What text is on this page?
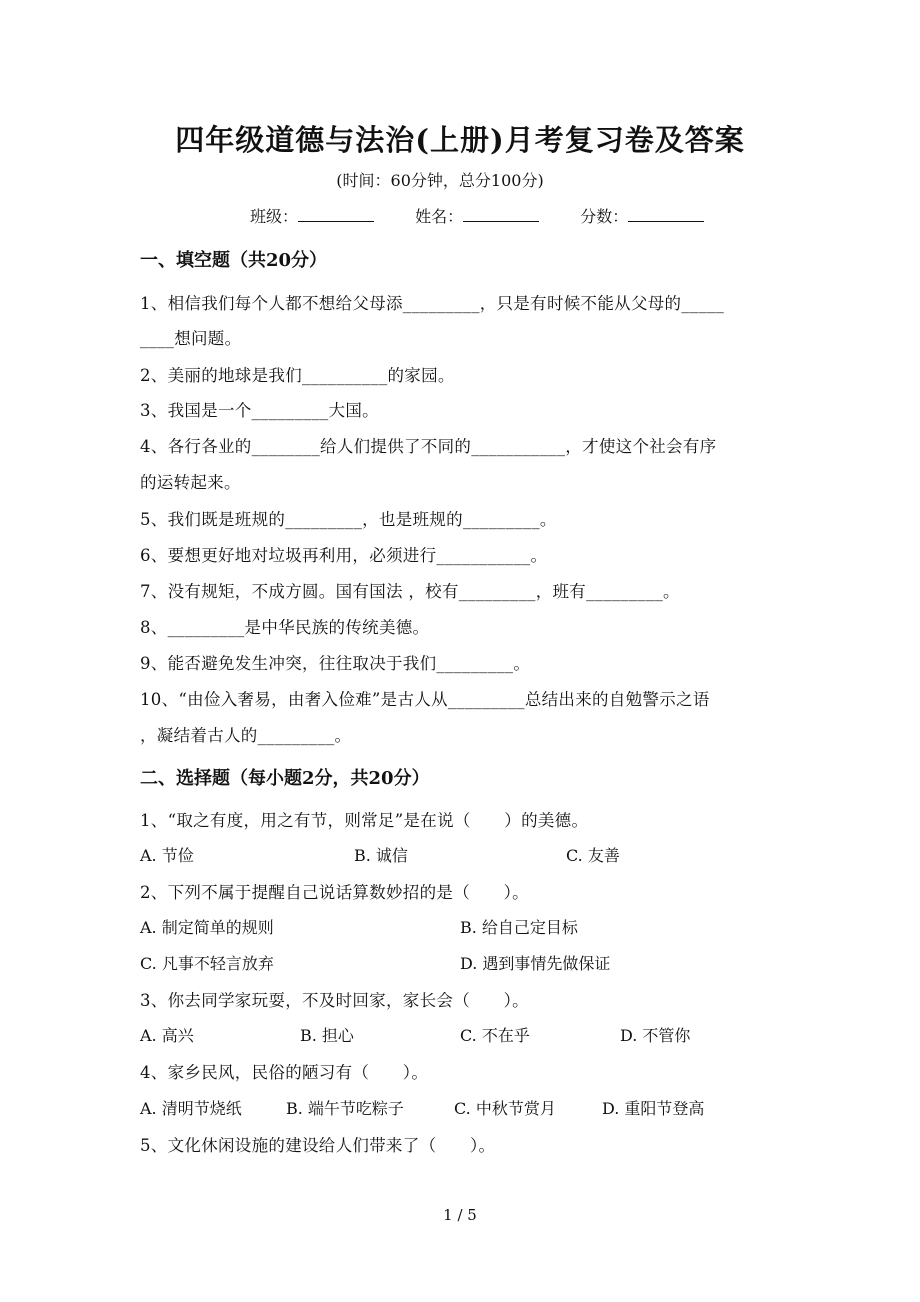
四年级道德与法治(上册)月考复习卷及答案
(时间：60分钟，总分100分)
班级：	姓名：	分数：
一、填空题（共20分）
1、相信我们每个人都不想给父母添_________，只是有时候不能从父母的_____
____想问题。
2、美丽的地球是我们__________的家园。
3、我国是一个_________大国。
4、各行各业的________给人们提供了不同的___________，才使这个社会有序
的运转起来。
5、我们既是班规的_________，也是班规的_________。
6、要想更好地对垃圾再利用，必须进行___________。
7、没有规矩，不成方圆。国有国法 ，校有_________，班有_________。
8、_________是中华民族的传统美德。
9、能否避免发生冲突，往往取决于我们_________。
10、“由俭入奢易，由奢入俭难”是古人从_________总结出来的自勉警示之语
，凝结着古人的_________。
二、选择题（每小题2分，共20分）
1、“取之有度，用之有节，则常足”是在说（　　）的美德。
A. 节俭	B. 诚信	C. 友善
2、下列不属于提醒自己说话算数妙招的是（　　）。
A. 制定简单的规则	B. 给自己定目标
C. 凡事不轻言放弃	D. 遇到事情先做保证
3、你去同学家玩耍，不及时回家，家长会（　　）。
A. 高兴	B. 担心	C. 不在乎	D. 不管你
4、家乡民风，民俗的陋习有（　　）。
A. 清明节烧纸	B. 端午节吃粽子	C. 中秋节赏月	D. 重阳节登高
5、文化休闲设施的建设给人们带来了（　　）。
1 / 5
